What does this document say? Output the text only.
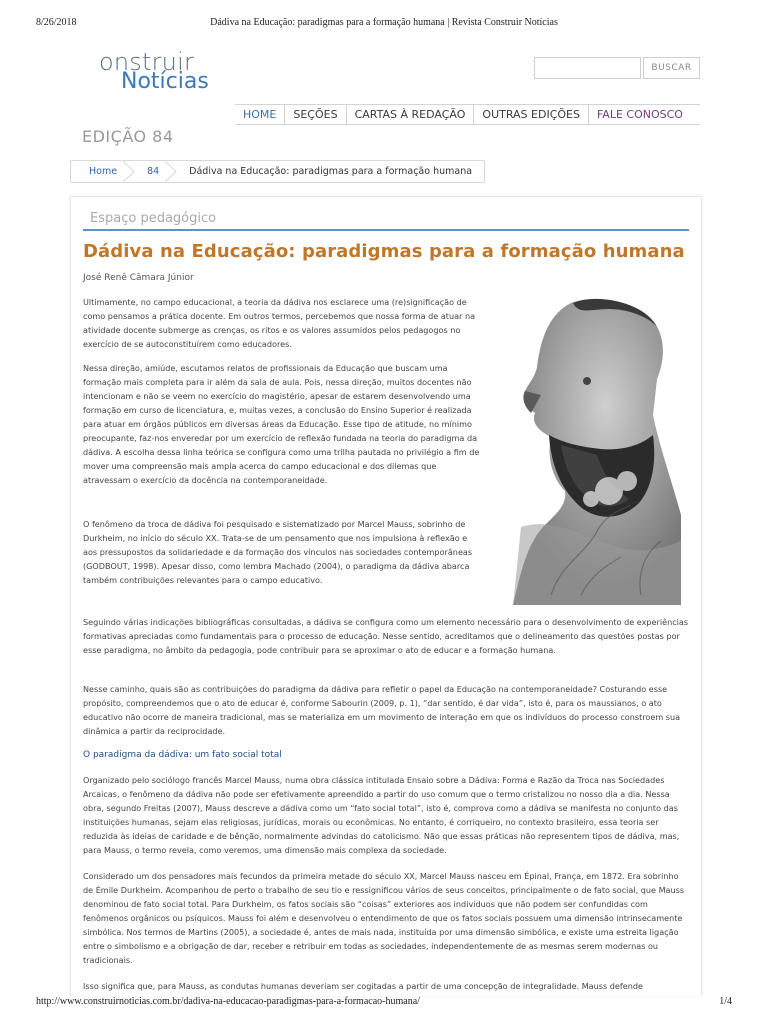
8/26/2018	Dádiva na Educação: paradigmas para a formação humana | Revista Construir Notícias
onstruir
Notícias
BUSCAR
HOME	SEÇÕES	CARTAS À REDAÇÃO	OUTRAS EDIÇÕES	FALE CONOSCO
EDIÇÃO 84
Home	84	Dádiva na Educação: paradigmas para a formação humana
Espaço pedagógico
Dádiva na Educação: paradigmas para a formação humana
José Renê Câmara Júnior

Ultimamente, no campo educacional, a teoria da dádiva nos esclarece uma (re)significação de como pensamos a prática docente. Em outros termos, percebemos que nossa forma de atuar na atividade docente submerge as crenças, os ritos e os valores assumidos pelos pedagogos no exercício de se autoconstituírem como educadores.

Nessa direção, amiúde, escutamos relatos de profissionais da Educação que buscam uma formação mais completa para ir além da sala de aula. Pois, nessa direção, muitos docentes não intencionam e não se veem no exercício do magistério, apesar de estarem desenvolvendo uma formação em curso de licenciatura, e, muitas vezes, a conclusão do Ensino Superior é realizada para atuar em órgãos públicos em diversas áreas da Educação. Esse tipo de atitude, no mínimo preocupante, faz-nos enveredar por um exercício de reflexão fundada na teoria do paradigma da dádiva. A escolha dessa linha teórica se configura como uma trilha pautada no privilégio a fim de mover uma compreensão mais ampla acerca do campo educacional e dos dilemas que atravessam o exercício da docência na contemporaneidade.

O fenômeno da troca de dádiva foi pesquisado e sistematizado por Marcel Mauss, sobrinho de Durkheim, no início do século XX. Trata-se de um pensamento que nos impulsiona à reflexão e aos pressupostos da solidariedade e da formação dos vínculos nas sociedades contemporâneas (GODBOUT, 1998). Apesar disso, como lembra Machado (2004), o paradigma da dádiva abarca também contribuições relevantes para o campo educativo.

Seguindo várias indicações bibliográficas consultadas, a dádiva se configura como um elemento necessário para o desenvolvimento de experiências formativas apreciadas como fundamentais para o processo de educação. Nesse sentido, acreditamos que o delineamento das questões postas por esse paradigma, no âmbito da pedagogia, pode contribuir para se aproximar o ato de educar e a formação humana.

Nesse caminho, quais são as contribuições do paradigma da dádiva para refletir o papel da Educação na contemporaneidade? Costurando esse propósito, compreendemos que o ato de educar é, conforme Sabourin (2009, p. 1), “dar sentido, é dar vida”, isto é, para os maussianos, o ato educativo não ocorre de maneira tradicional, mas se materializa em um movimento de interação em que os indivíduos do processo constroem sua dinâmica a partir da reciprocidade.

O paradigma da dádiva: um fato social total

Organizado pelo sociólogo francês Marcel Mauss, numa obra clássica intitulada Ensaio sobre a Dádiva: Forma e Razão da Troca nas Sociedades Arcaicas, o fenômeno da dádiva não pode ser efetivamente apreendido a partir do uso comum que o termo cristalizou no nosso dia a dia. Nessa obra, segundo Freitas (2007), Mauss descreve a dádiva como um “fato social total”, isto é, comprova como a dádiva se manifesta no conjunto das instituições humanas, sejam elas religiosas, jurídicas, morais ou econômicas. No entanto, é corriqueiro, no contexto brasileiro, essa teoria ser reduzida às ideias de caridade e de bênção, normalmente advindas do catolicismo. Não que essas práticas não representem tipos de dádiva, mas, para Mauss, o termo revela, como veremos, uma dimensão mais complexa da sociedade.

Considerado um dos pensadores mais fecundos da primeira metade do século XX, Marcel Mauss nasceu em Épinal, França, em 1872. Era sobrinho de Émile Durkheim. Acompanhou de perto o trabalho de seu tio e ressignificou vários de seus conceitos, principalmente o de fato social, que Mauss denominou de fato social total. Para Durkheim, os fatos sociais são “coisas” exteriores aos indivíduos que não podem ser confundidas com fenômenos orgânicos ou psíquicos. Mauss foi além e desenvolveu o entendimento de que os fatos sociais possuem uma dimensão intrinsecamente simbólica. Nos termos de Martins (2005), a sociedade é, antes de mais nada, instituída por uma dimensão simbólica, e existe uma estreita ligação entre o simbolismo e a obrigação de dar, receber e retribuir em todas as sociedades, independentemente de as mesmas serem modernas ou tradicionais.

Isso significa que, para Mauss, as condutas humanas deveriam ser cogitadas a partir de uma concepção de integralidade. Mauss defende

http://www.construirnoticias.com.br/dadiva-na-educacao-paradigmas-para-a-formacao-humana/	1/4
